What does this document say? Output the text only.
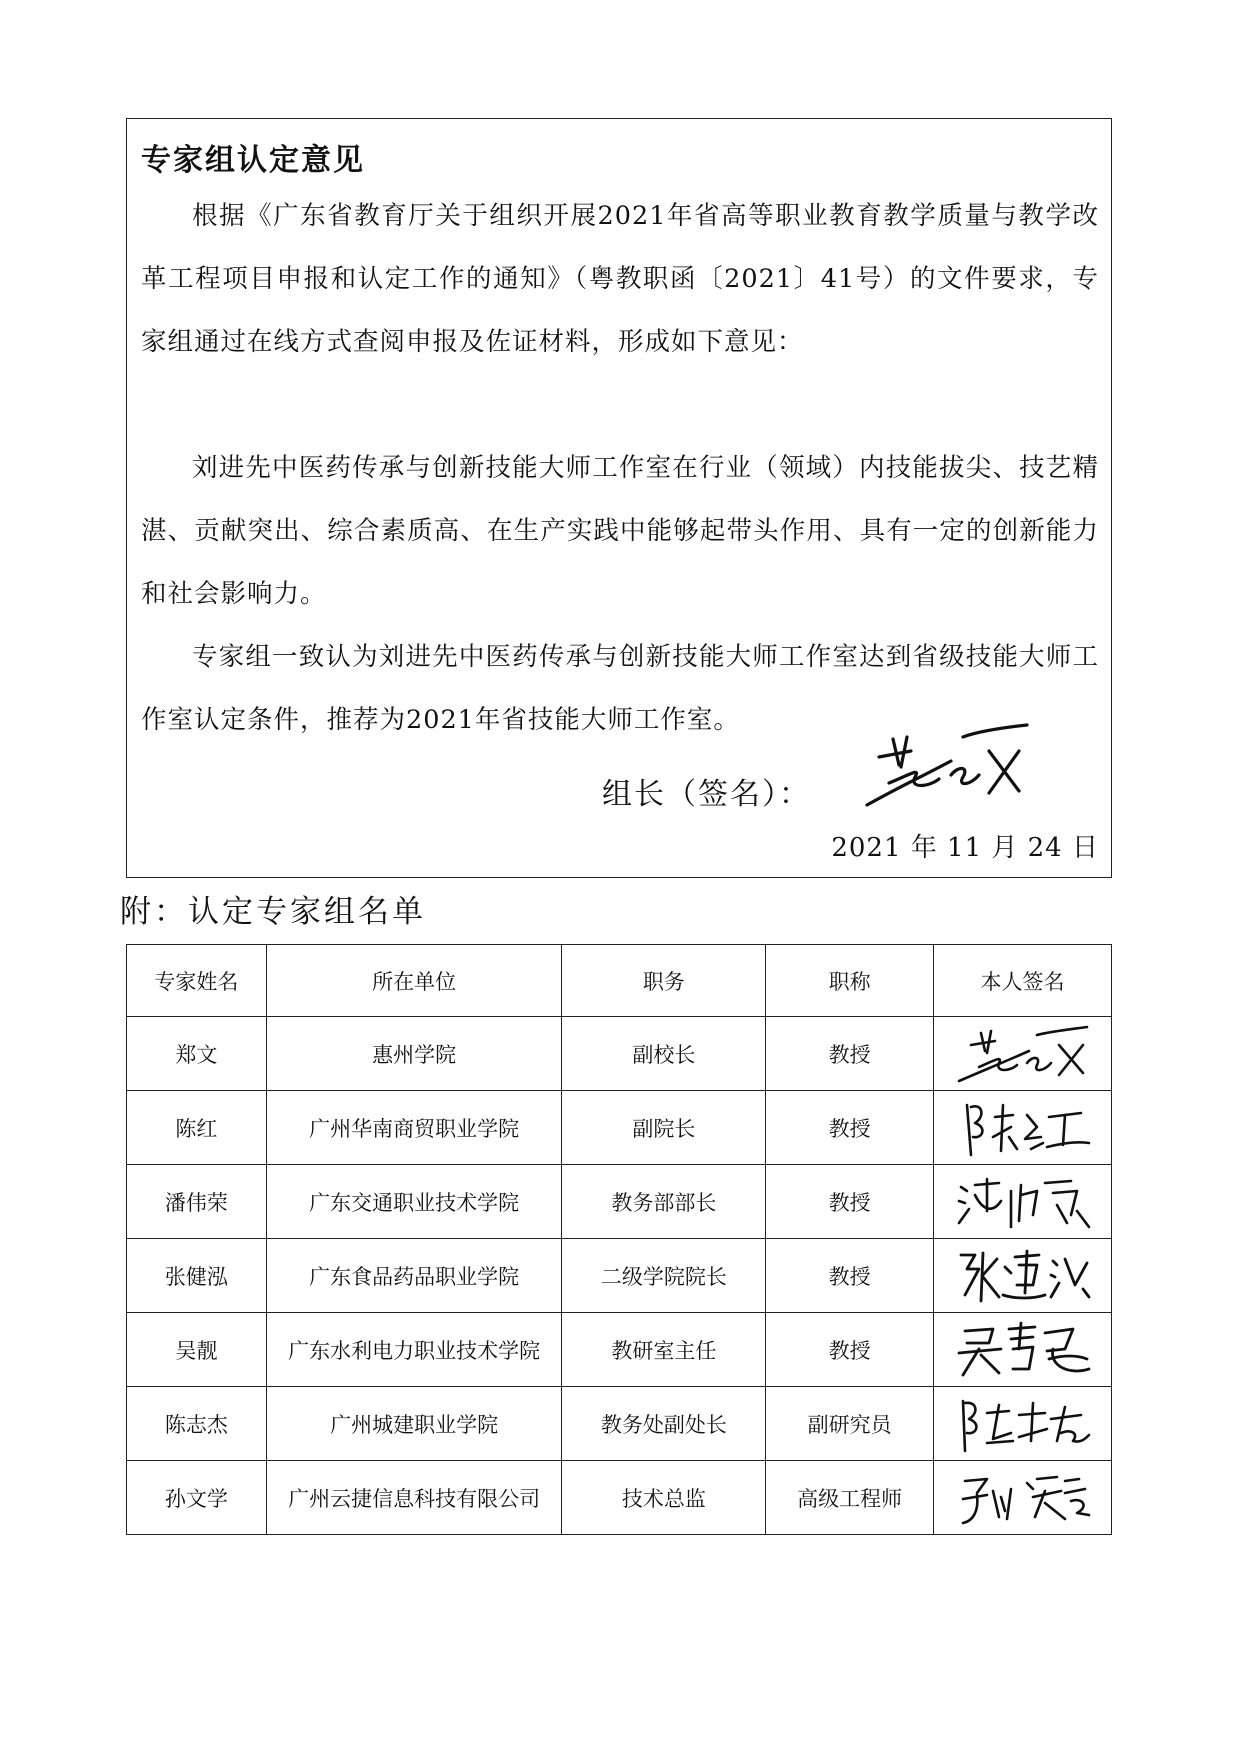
专家组认定意见

根据《广东省教育厅关于组织开展2021年省高等职业教育教学质量与教学改革工程项目申报和认定工作的通知》（粤教职函〔2021〕41号）的文件要求，专家组通过在线方式查阅申报及佐证材料，形成如下意见：

刘进先中医药传承与创新技能大师工作室在行业（领域）内技能拔尖、技艺精湛、贡献突出、综合素质高、在生产实践中能够起带头作用、具有一定的创新能力和社会影响力。

专家组一致认为刘进先中医药传承与创新技能大师工作室达到省级技能大师工作室认定条件，推荐为2021年省技能大师工作室。

组长（签名）：
2021 年 11 月 24 日
附：认定专家组名单
专家姓名	所在单位	职务	职称	本人签名
郑文	惠州学院	副校长	教授	

陈红	广州华南商贸职业学院	副院长	教授	

潘伟荣	广东交通职业技术学院	教务部部长	教授	

张健泓	广东食品药品职业学院	二级学院院长	教授	

吴靓	广东水利电力职业技术学院	教研室主任	教授	

陈志杰	广州城建职业学院	教务处副处长	副研究员	

孙文学	广州云捷信息科技有限公司	技术总监	高级工程师	
